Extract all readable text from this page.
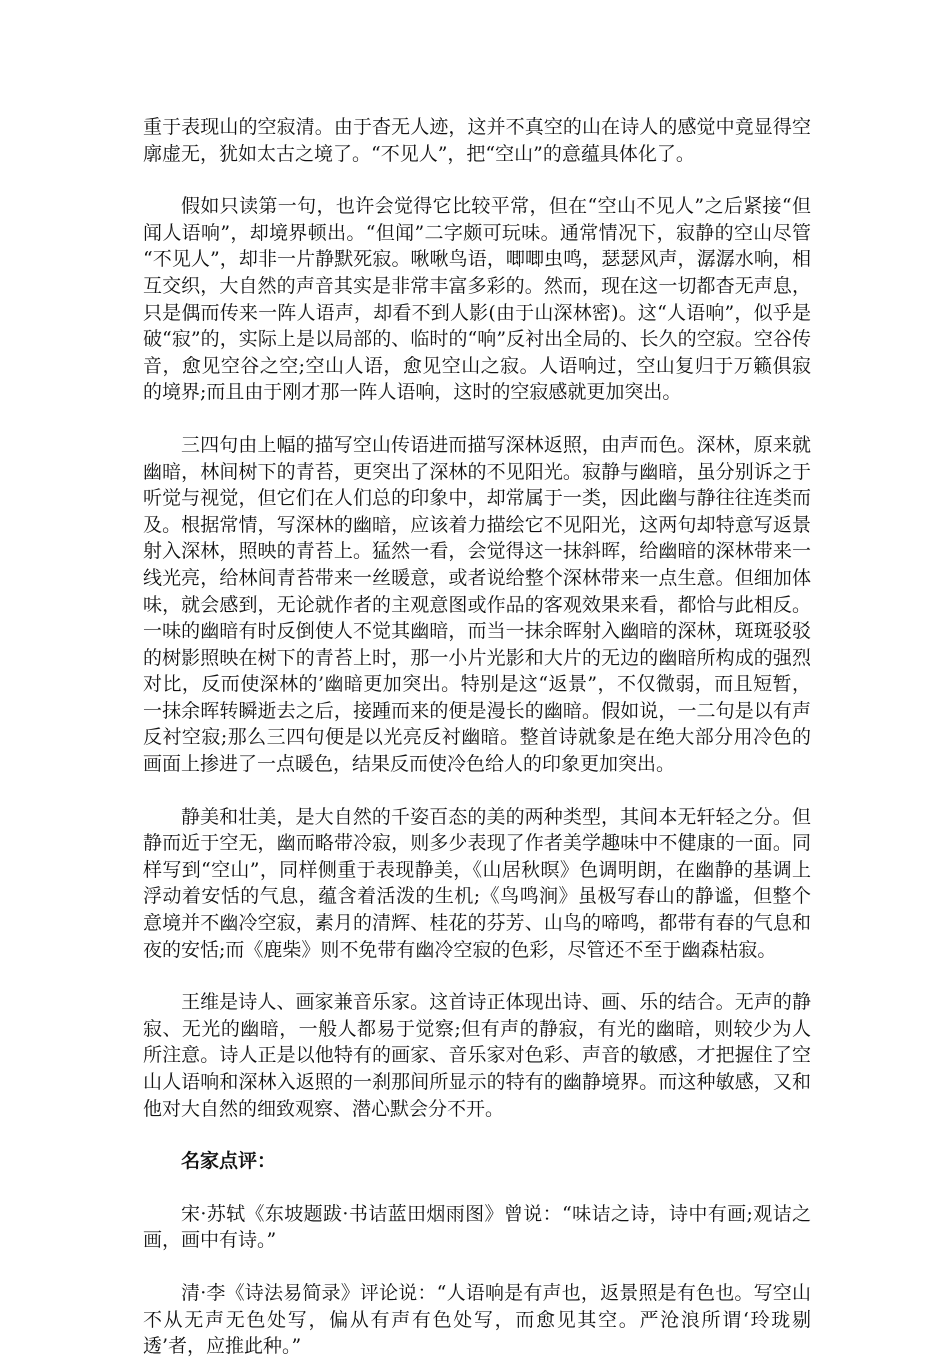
重于表现山的空寂清。由于杳无人迹，这并不真空的山在诗人的感觉中竟显得空廓虚无，犹如太古之境了。“不见人”，把“空山”的意蕴具体化了。

假如只读第一句，也许会觉得它比较平常，但在“空山不见人”之后紧接“但闻人语响”，却境界顿出。“但闻”二字颇可玩味。通常情况下，寂静的空山尽管 “不见人”，却非一片静默死寂。啾啾鸟语，唧唧虫鸣，瑟瑟风声，潺潺水响，相互交织，大自然的声音其实是非常丰富多彩的。然而，现在这一切都杳无声息，只是偶而传来一阵人语声，却看不到人影(由于山深林密)。这“人语响”，似乎是破“寂”的，实际上是以局部的、临时的“响”反衬出全局的、长久的空寂。空谷传音，愈见空谷之空;空山人语，愈见空山之寂。人语响过，空山复归于万籁俱寂的境界;而且由于刚才那一阵人语响，这时的空寂感就更加突出。

三四句由上幅的描写空山传语进而描写深林返照，由声而色。深林，原来就幽暗，林间树下的青苔，更突出了深林的不见阳光。寂静与幽暗，虽分别诉之于听觉与视觉，但它们在人们总的印象中，却常属于一类，因此幽与静往往连类而及。根据常情，写深林的幽暗，应该着力描绘它不见阳光，这两句却特意写返景射入深林，照映的青苔上。猛然一看，会觉得这一抹斜晖，给幽暗的深林带来一线光亮，给林间青苔带来一丝暖意，或者说给整个深林带来一点生意。但细加体味，就会感到，无论就作者的主观意图或作品的客观效果来看，都恰与此相反。一味的幽暗有时反倒使人不觉其幽暗，而当一抹余晖射入幽暗的深林，斑斑驳驳的树影照映在树下的青苔上时，那一小片光影和大片的无边的幽暗所构成的强烈对比，反而使深林的’幽暗更加突出。特别是这“返景”，不仅微弱，而且短暂，一抹余晖转瞬逝去之后，接踵而来的便是漫长的幽暗。假如说，一二句是以有声反衬空寂;那么三四句便是以光亮反衬幽暗。整首诗就象是在绝大部分用冷色的画面上掺进了一点暖色，结果反而使冷色给人的印象更加突出。

静美和壮美，是大自然的千姿百态的美的两种类型，其间本无轩轻之分。但静而近于空无，幽而略带冷寂，则多少表现了作者美学趣味中不健康的一面。同样写到“空山”，同样侧重于表现静美，《山居秋暝》色调明朗，在幽静的基调上浮动着安恬的气息，蕴含着活泼的生机;《鸟鸣涧》虽极写春山的静谧，但整个意境并不幽冷空寂，素月的清辉、桂花的芬芳、山鸟的啼鸣，都带有春的气息和夜的安恬;而《鹿柴》则不免带有幽冷空寂的色彩，尽管还不至于幽森枯寂。

王维是诗人、画家兼音乐家。这首诗正体现出诗、画、乐的结合。无声的静寂、无光的幽暗，一般人都易于觉察;但有声的静寂，有光的幽暗，则较少为人所注意。诗人正是以他特有的画家、音乐家对色彩、声音的敏感，才把握住了空山人语响和深林入返照的一刹那间所显示的特有的幽静境界。而这种敏感，又和他对大自然的细致观察、潜心默会分不开。

名家点评：

宋·苏轼《东坡题跋·书诘蓝田烟雨图》曾说：“味诘之诗，诗中有画;观诘之画，画中有诗。”

清·李《诗法易简录》评论说：“人语响是有声也，返景照是有色也。写空山不从无声无色处写，偏从有声有色处写，而愈见其空。严沧浪所谓‘玲珑剔透’者，应推此种。”
